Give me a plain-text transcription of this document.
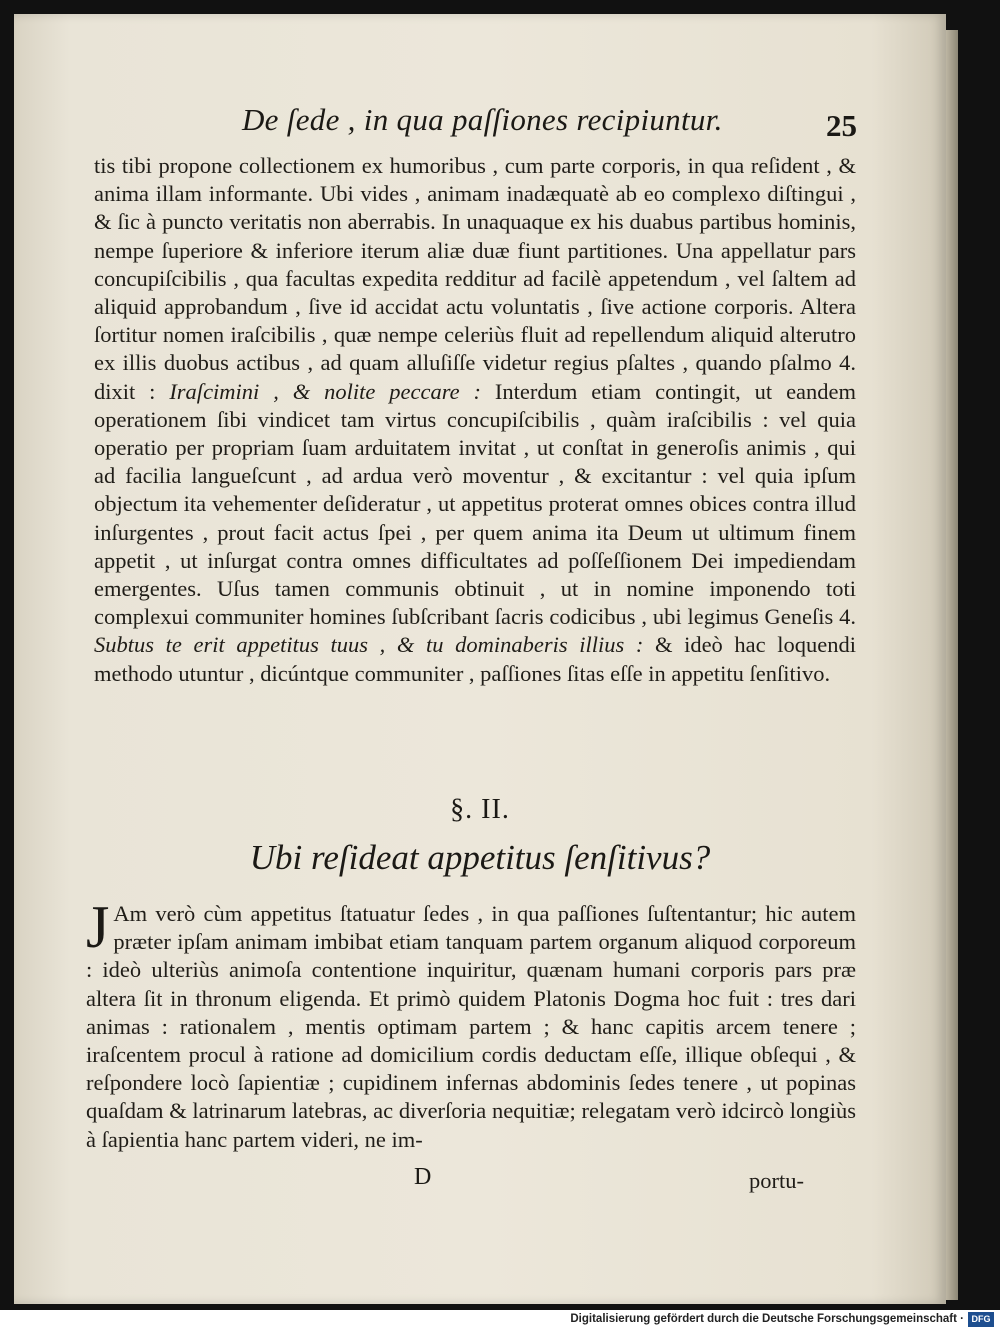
De ſede , in qua paſſiones recipiuntur.	25

tis tibi propone collectionem ex humoribus , cum parte corporis, in qua reſident , & anima illam informante. Ubi vides , animam inadæquatè ab eo complexo diſtingui , & ſic à puncto veritatis non aberrabis. In unaquaque ex his duabus partibus hominis, nempe ſuperiore & inferiore iterum aliæ duæ fiunt partitiones. Una appellatur pars concupiſcibilis , qua facultas expedita redditur ad facilè appetendum , vel ſaltem ad aliquid approbandum , ſive id accidat actu voluntatis , ſive actione corporis. Altera ſortitur nomen iraſcibilis , quæ nempe celeriùs fluit ad repellendum aliquid alterutro ex illis duobus actibus , ad quam alluſiſſe videtur regius pſaltes , quando pſalmo 4. dixit : Iraſcimini , & nolite peccare : Interdum etiam contingit, ut eandem operationem ſibi vindicet tam virtus concupiſcibilis , quàm iraſcibilis : vel quia operatio per propriam ſuam arduitatem invitat , ut conſtat in generoſis animis , qui ad facilia langueſcunt , ad ardua verò moventur , & excitantur : vel quia ipſum objectum ita vehementer deſideratur , ut appetitus proterat omnes obices contra illud inſurgentes , prout facit actus ſpei , per quem anima ita Deum ut ultimum finem appetit , ut inſurgat contra omnes difficultates ad poſſeſſionem Dei impediendam emergentes. Uſus tamen communis obtinuit , ut in nomine imponendo toti complexui communiter homines ſubſcribant ſacris codicibus , ubi legimus Geneſis 4. Subtus te erit appetitus tuus , & tu dominaberis illius : & ideò hac loquendi methodo utuntur , dicúntque communiter , paſſiones ſitas eſſe in appetitu ſenſitivo.

§. II.
Ubi reſideat appetitus ſenſitivus?
J Am verò cùm appetitus ſtatuatur ſedes , in qua paſſiones ſuſtentantur; hic autem præter ipſam animam imbibat etiam tanquam partem organum aliquod corporeum : ideò ulteriùs animoſa contentione inquiritur, quænam humani corporis pars præ altera ſit in thronum eligenda. Et primò quidem Platonis Dogma hoc fuit : tres dari animas : rationalem , mentis optimam partem ; & hanc capitis arcem tenere ; iraſcentem procul à ratione ad domicilium cordis deductam eſſe, illique obſequi , & reſpondere locò ſapientiæ ; cupidinem infernas abdominis ſedes tenere , ut popinas quaſdam & latrinarum latebras, ac diverſoria nequitiæ; relegatam verò idcircò longiùs à ſapientia hanc partem videri, ne im-
D	portu-
Digitalisierung gefördert durch die Deutsche Forschungsgemeinschaft · DFG
